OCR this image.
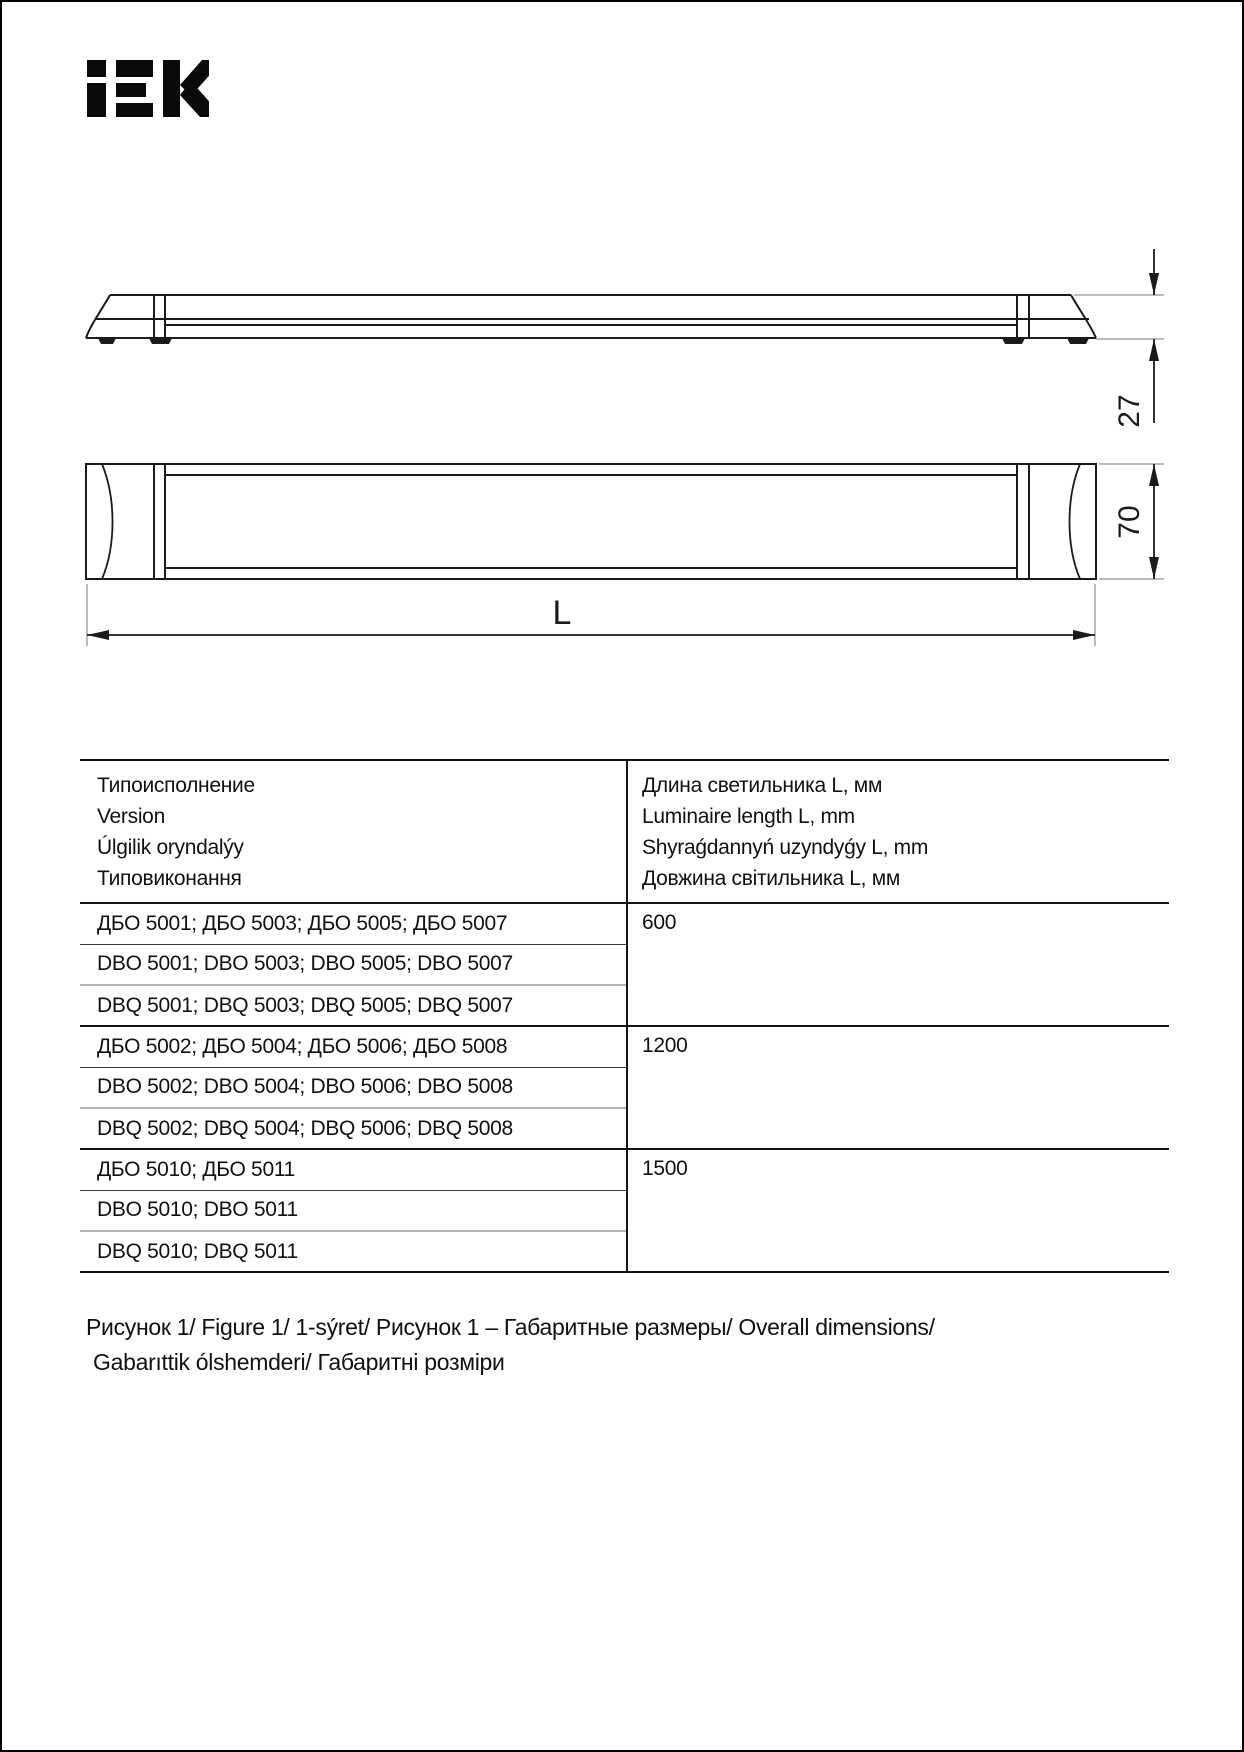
27
70
L
Типоисполнение
Version
Úlgilik oryndalýy
Типовиконання

Длина светильника L, мм
Luminaire length L, mm
Shyraǵdannyń uzyndyǵy L, mm
Довжина світильника L, мм

ДБО 5001; ДБО 5003; ДБО 5005; ДБО 5007	600
DBO 5001; DBO 5003; DBO 5005; DBO 5007	
DBQ 5001; DBQ 5003; DBQ 5005; DBQ 5007	
ДБО 5002; ДБО 5004; ДБО 5006; ДБО 5008	1200
DBO 5002; DBO 5004; DBO 5006; DBO 5008	
DBQ 5002; DBQ 5004; DBQ 5006; DBQ 5008	
ДБО 5010; ДБО 5011	1500
DBO 5010; DBO 5011	
DBQ 5010; DBQ 5011	
Рисунок 1/ Figure 1/ 1-sýret/ Рисунок 1 – Габаритные размеры/ Overall dimensions/
Gabarıttik ólshemderi/ Габаритні розміри
